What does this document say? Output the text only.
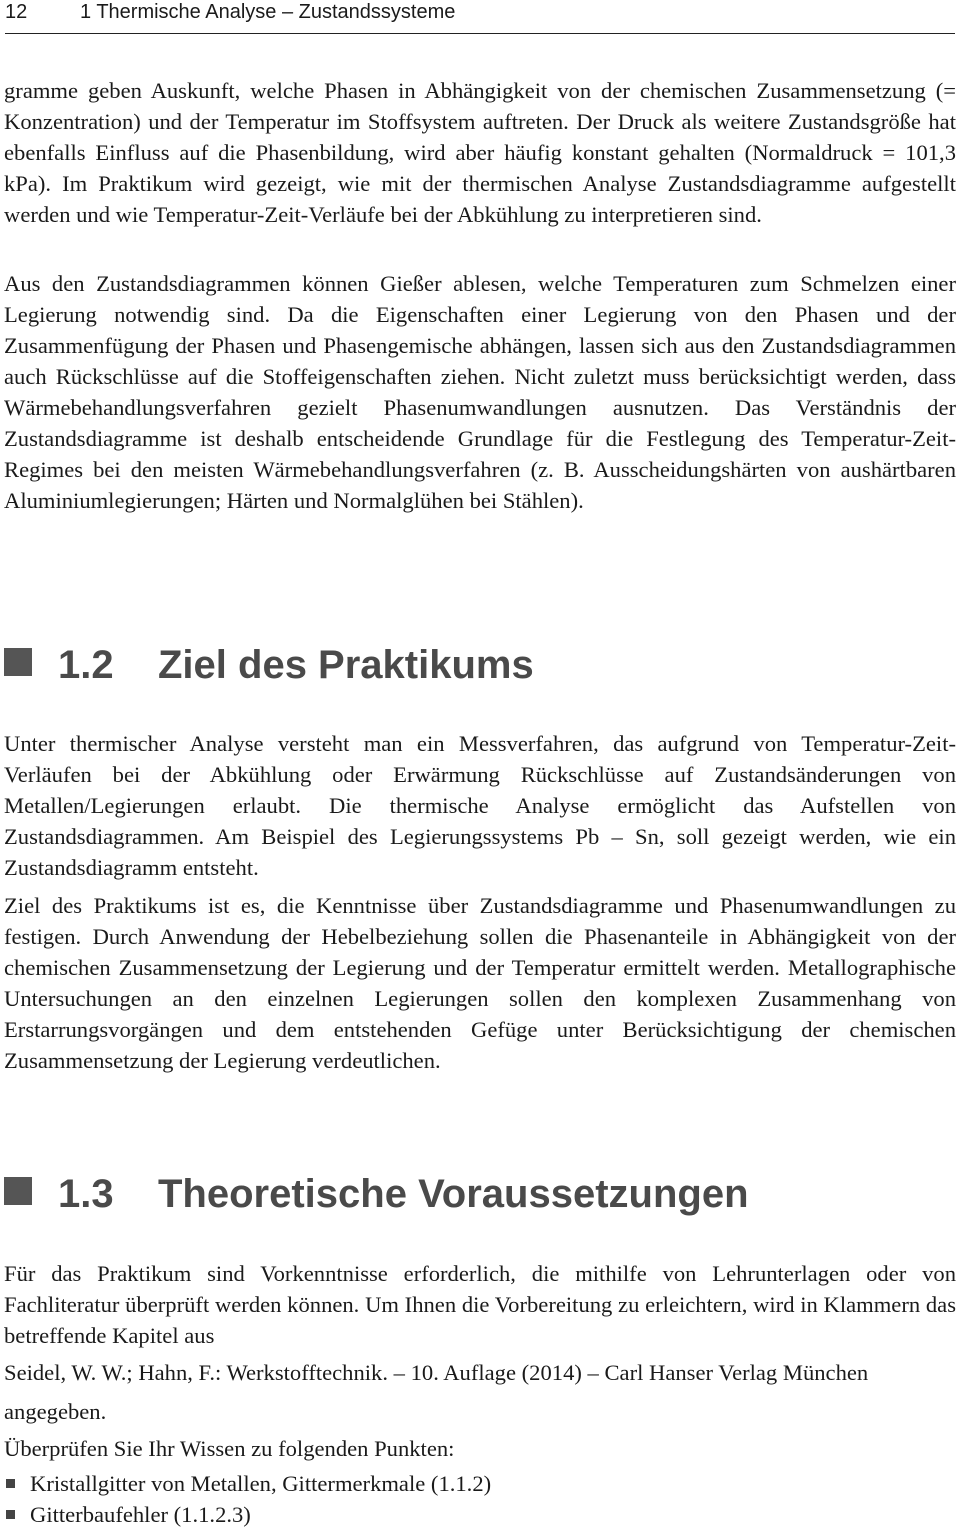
12	1 Thermische Analyse – Zustandssysteme

gramme geben Auskunft, welche Phasen in Abhängigkeit von der chemischen Zusammensetzung (= Konzentration) und der Temperatur im Stoffsystem auftreten. Der Druck als weitere Zustandsgröße hat ebenfalls Einfluss auf die Phasenbildung, wird aber häufig konstant gehalten (Normaldruck = 101,3 kPa). Im Praktikum wird gezeigt, wie mit der thermischen Analyse Zustandsdiagramme aufgestellt werden und wie Temperatur-Zeit-Verläufe bei der Abkühlung zu interpretieren sind.

Aus den Zustandsdiagrammen können Gießer ablesen, welche Temperaturen zum Schmelzen einer Legierung notwendig sind. Da die Eigenschaften einer Legierung von den Phasen und der Zusammenfügung der Phasen und Phasengemische abhängen, lassen sich aus den Zustandsdiagrammen auch Rückschlüsse auf die Stoffeigenschaften ziehen. Nicht zuletzt muss berücksichtigt werden, dass Wärmebehandlungsverfahren gezielt Phasenumwandlungen ausnutzen. Das Verständnis der Zustandsdiagramme ist deshalb entscheidende Grundlage für die Festlegung des Temperatur-Zeit-Regimes bei den meisten Wärmebehandlungsverfahren (z. B. Ausscheidungshärten von aushärtbaren Aluminiumlegierungen; Härten und Normalglühen bei Stählen).

1.2 Ziel des Praktikums

Unter thermischer Analyse versteht man ein Messverfahren, das aufgrund von Temperatur-Zeit-Verläufen bei der Abkühlung oder Erwärmung Rückschlüsse auf Zustandsänderungen von Metallen/Legierungen erlaubt. Die thermische Analyse ermöglicht das Aufstellen von Zustandsdiagrammen. Am Beispiel des Legierungssystems Pb – Sn, soll gezeigt werden, wie ein Zustandsdiagramm entsteht.

Ziel des Praktikums ist es, die Kenntnisse über Zustandsdiagramme und Phasenumwandlungen zu festigen. Durch Anwendung der Hebelbeziehung sollen die Phasenanteile in Abhängigkeit von der chemischen Zusammensetzung der Legierung und der Temperatur ermittelt werden. Metallographische Untersuchungen an den einzelnen Legierungen sollen den komplexen Zusammenhang von Erstarrungsvorgängen und dem entstehenden Gefüge unter Berücksichtigung der chemischen Zusammensetzung der Legierung verdeutlichen.

1.3 Theoretische Voraussetzungen

Für das Praktikum sind Vorkenntnisse erforderlich, die mithilfe von Lehrunterlagen oder von Fachliteratur überprüft werden können. Um Ihnen die Vorbereitung zu erleichtern, wird in Klammern das betreffende Kapitel aus

Seidel, W. W.; Hahn, F.: Werkstofftechnik. – 10. Auflage (2014) – Carl Hanser Verlag München

angegeben.

Überprüfen Sie Ihr Wissen zu folgenden Punkten:

Kristallgitter von Metallen, Gittermerkmale (1.1.2)
Gitterbaufehler (1.1.2.3)
